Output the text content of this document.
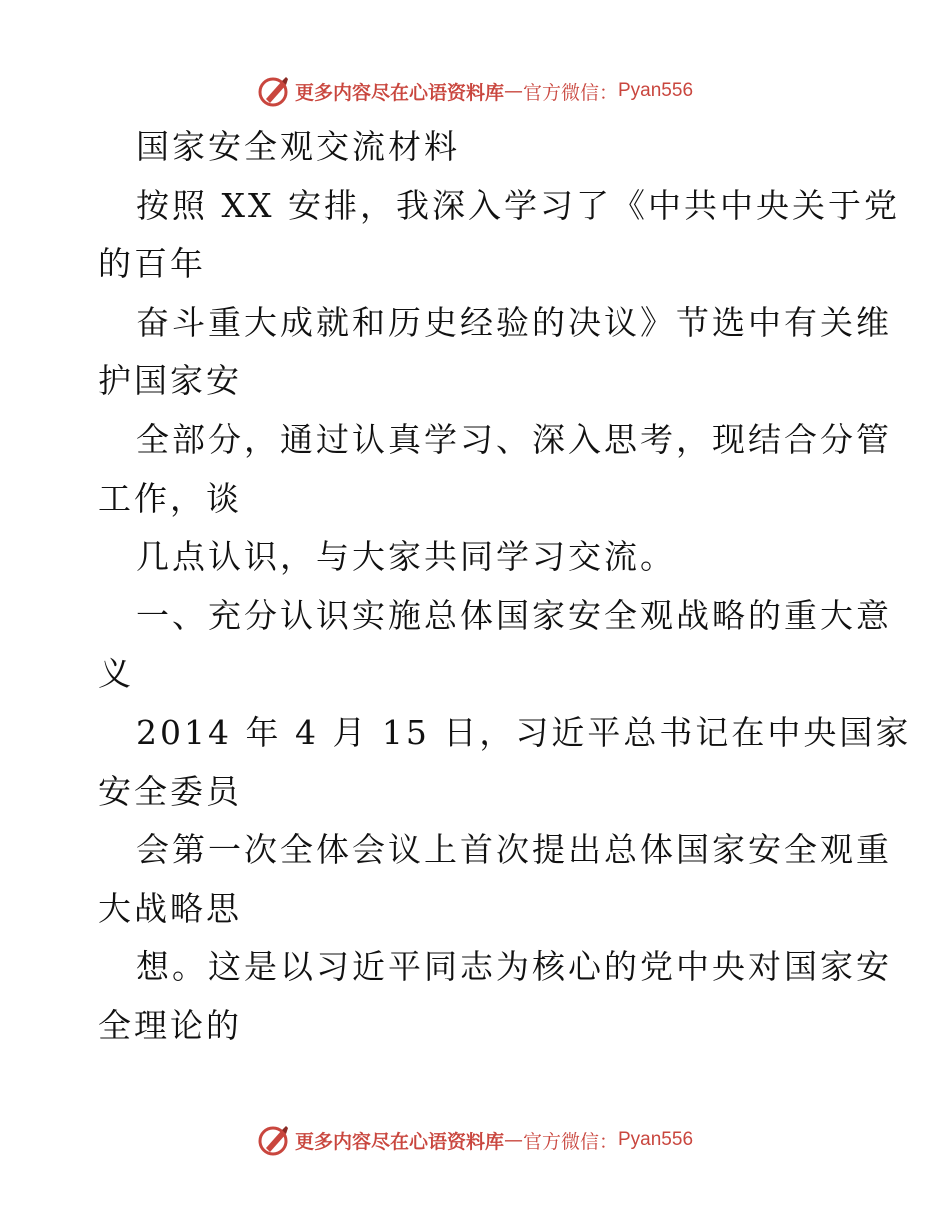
更多内容尽在心语资料库 — 官方微信： Pyan556
国家安全观交流材料
按照 XX 安排，我深入学习了《中共中央关于党
的百年
奋斗重大成就和历史经验的决议》节选中有关维
护国家安
全部分，通过认真学习、深入思考，现结合分管
工作，谈
几点认识，与大家共同学习交流。
一、充分认识实施总体国家安全观战略的重大意
义
2014 年 4 月 15 日，习近平总书记在中央国家
安全委员
会第一次全体会议上首次提出总体国家安全观重
大战略思
想。这是以习近平同志为核心的党中央对国家安
全理论的
更多内容尽在心语资料库 — 官方微信： Pyan556
